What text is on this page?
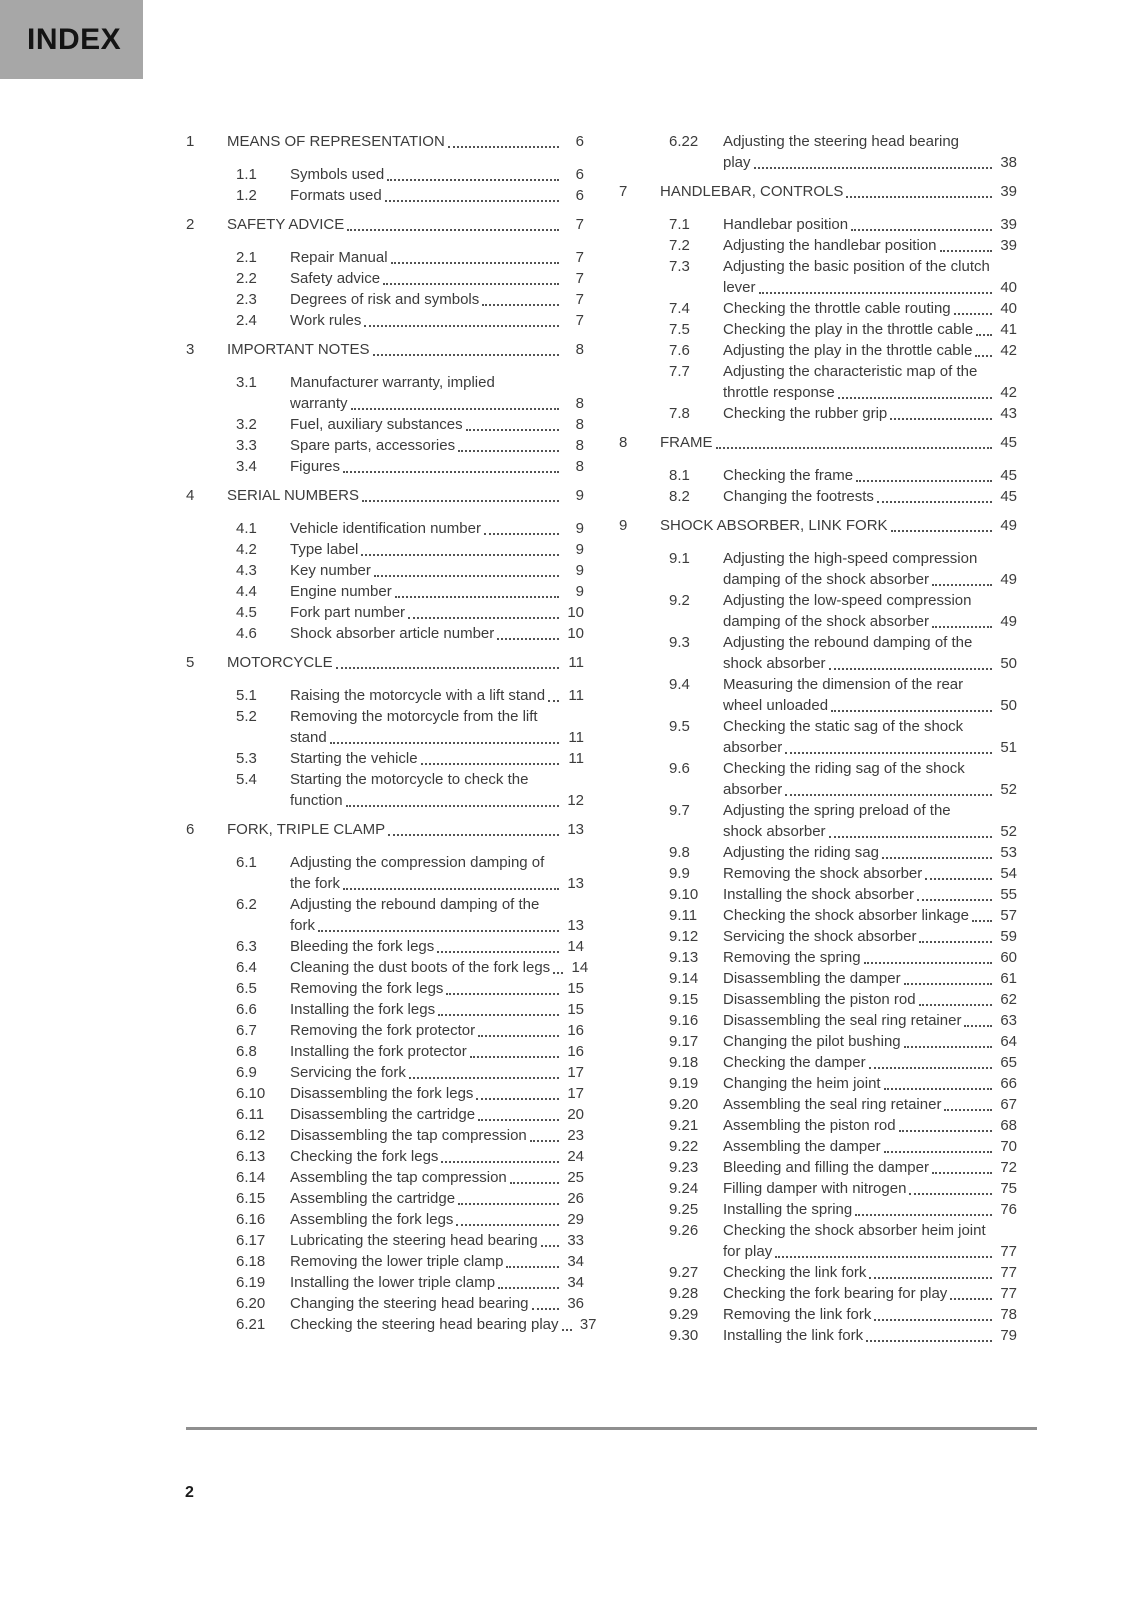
INDEX
1	MEANS OF REPRESENTATION	6
1.1	Symbols used	6
1.2	Formats used	6
2	SAFETY ADVICE	7
2.1	Repair Manual	7
2.2	Safety advice	7
2.3	Degrees of risk and symbols	7
2.4	Work rules	7
3	IMPORTANT NOTES	8
3.1	Manufacturer warranty, implied
warranty	8
3.2	Fuel, auxiliary substances	8
3.3	Spare parts, accessories	8
3.4	Figures	8
4	SERIAL NUMBERS	9
4.1	Vehicle identification number	9
4.2	Type label	9
4.3	Key number	9
4.4	Engine number	9
4.5	Fork part number	10
4.6	Shock absorber article number	10
5	MOTORCYCLE	11
5.1	Raising the motorcycle with a lift stand	11
5.2	Removing the motorcycle from the lift
stand	11
5.3	Starting the vehicle	11
5.4	Starting the motorcycle to check the
function	12
6	FORK, TRIPLE CLAMP	13
6.1	Adjusting the compression damping of
the fork	13
6.2	Adjusting the rebound damping of the
fork	13
6.3	Bleeding the fork legs	14
6.4	Cleaning the dust boots of the fork legs	14
6.5	Removing the fork legs	15
6.6	Installing the fork legs	15
6.7	Removing the fork protector	16
6.8	Installing the fork protector	16
6.9	Servicing the fork	17
6.10	Disassembling the fork legs	17
6.11	Disassembling the cartridge	20
6.12	Disassembling the tap compression	23
6.13	Checking the fork legs	24
6.14	Assembling the tap compression	25
6.15	Assembling the cartridge	26
6.16	Assembling the fork legs	29
6.17	Lubricating the steering head bearing	33
6.18	Removing the lower triple clamp	34
6.19	Installing the lower triple clamp	34
6.20	Changing the steering head bearing	36
6.21	Checking the steering head bearing play	37
6.22	Adjusting the steering head bearing
play	38
7	HANDLEBAR, CONTROLS	39
7.1	Handlebar position	39
7.2	Adjusting the handlebar position	39
7.3	Adjusting the basic position of the clutch
lever	40
7.4	Checking the throttle cable routing	40
7.5	Checking the play in the throttle cable	41
7.6	Adjusting the play in the throttle cable	42
7.7	Adjusting the characteristic map of the
throttle response	42
7.8	Checking the rubber grip	43
8	FRAME	45
8.1	Checking the frame	45
8.2	Changing the footrests	45
9	SHOCK ABSORBER, LINK FORK	49
9.1	Adjusting the high-speed compression
damping of the shock absorber	49
9.2	Adjusting the low-speed compression
damping of the shock absorber	49
9.3	Adjusting the rebound damping of the
shock absorber	50
9.4	Measuring the dimension of the rear
wheel unloaded	50
9.5	Checking the static sag of the shock
absorber	51
9.6	Checking the riding sag of the shock
absorber	52
9.7	Adjusting the spring preload of the
shock absorber	52
9.8	Adjusting the riding sag	53
9.9	Removing the shock absorber	54
9.10	Installing the shock absorber	55
9.11	Checking the shock absorber linkage	57
9.12	Servicing the shock absorber	59
9.13	Removing the spring	60
9.14	Disassembling the damper	61
9.15	Disassembling the piston rod	62
9.16	Disassembling the seal ring retainer	63
9.17	Changing the pilot bushing	64
9.18	Checking the damper	65
9.19	Changing the heim joint	66
9.20	Assembling the seal ring retainer	67
9.21	Assembling the piston rod	68
9.22	Assembling the damper	70
9.23	Bleeding and filling the damper	72
9.24	Filling damper with nitrogen	75
9.25	Installing the spring	76
9.26	Checking the shock absorber heim joint
for play	77
9.27	Checking the link fork	77
9.28	Checking the fork bearing for play	77
9.29	Removing the link fork	78
9.30	Installing the link fork	79
2
